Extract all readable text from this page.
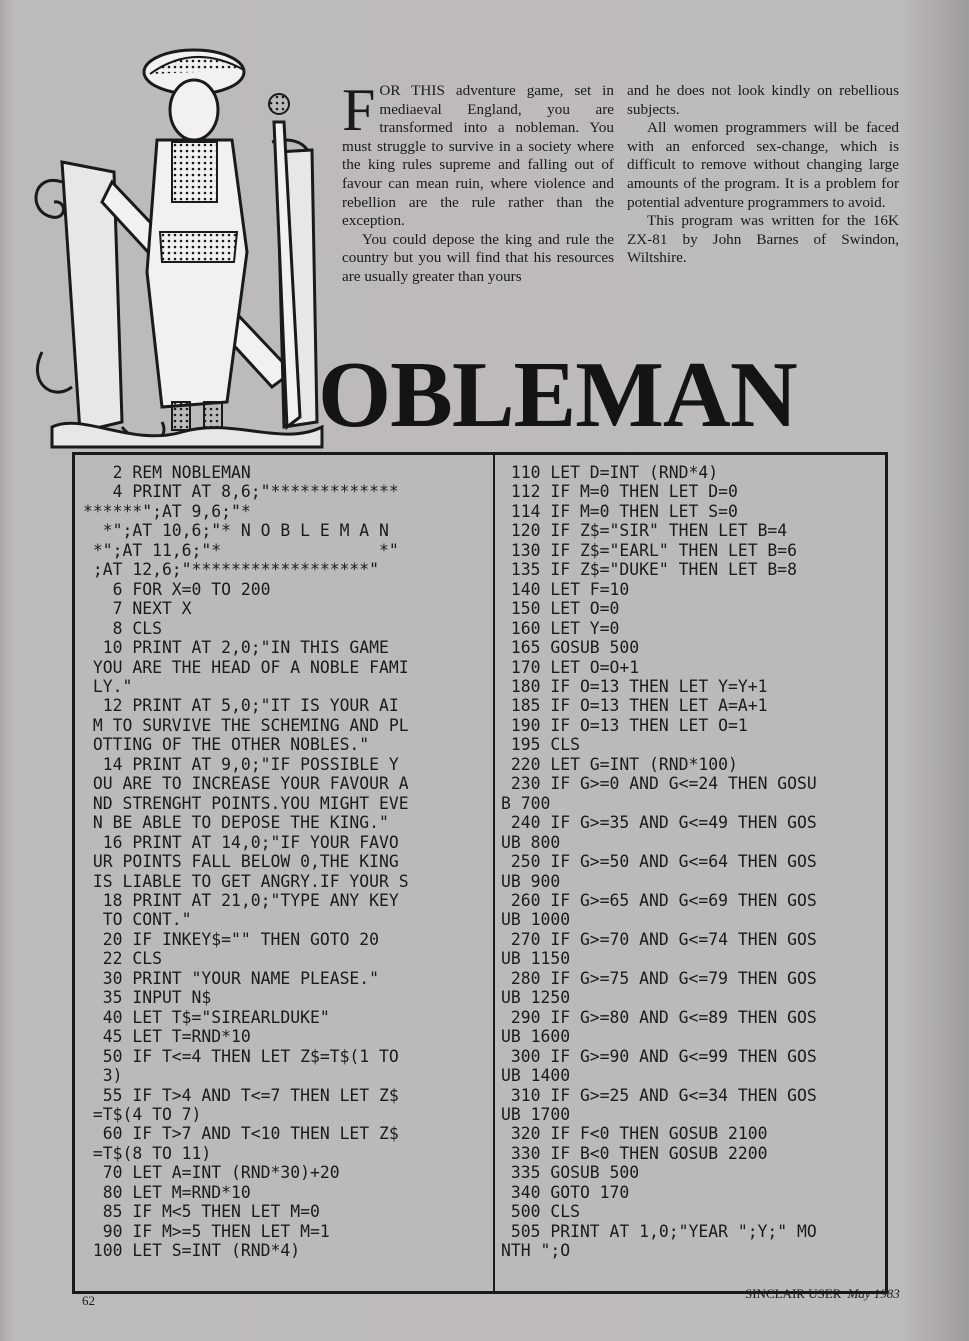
FOR THIS adventure game, set in mediaeval England, you are transformed into a nobleman. You must struggle to survive in a society where the king rules supreme and falling out of favour can mean ruin, where violence and rebellion are the rule rather than the exception.

You could depose the king and rule the country but you will find that his resources are usually greater than yours

and he does not look kindly on rebellious subjects.

All women programmers will be faced with an enforced sex-change, which is difficult to remove without changing large amounts of the program. It is a problem for potential adventure programmers to avoid.

This program was written for the 16K ZX-81 by John Barnes of Swindon, Wiltshire.

OBLEMAN
2 REM NOBLEMAN
4 PRINT AT 8,6;"*************
******";AT 9,6;"*
*";AT 10,6;"* N O B L E M A N
*";AT 11,6;"*                *"
;AT 12,6;"******************"
6 FOR X=0 TO 200
7 NEXT X
8 CLS
10 PRINT AT 2,0;"IN THIS GAME
YOU ARE THE HEAD OF A NOBLE FAMI
LY."
12 PRINT AT 5,0;"IT IS YOUR AI
M TO SURVIVE THE SCHEMING AND PL
OTTING OF THE OTHER NOBLES."
14 PRINT AT 9,0;"IF POSSIBLE Y
OU ARE TO INCREASE YOUR FAVOUR A
ND STRENGHT POINTS.YOU MIGHT EVE
N BE ABLE TO DEPOSE THE KING."
16 PRINT AT 14,0;"IF YOUR FAVO
UR POINTS FALL BELOW 0,THE KING
IS LIABLE TO GET ANGRY.IF YOUR S
18 PRINT AT 21,0;"TYPE ANY KEY
TO CONT."
20 IF INKEY$="" THEN GOTO 20
22 CLS
30 PRINT "YOUR NAME PLEASE."
35 INPUT N$
40 LET T$="SIREARLDUKE"
45 LET T=RND*10
50 IF T<=4 THEN LET Z$=T$(1 TO
3)
55 IF T>4 AND T<=7 THEN LET Z$
=T$(4 TO 7)
60 IF T>7 AND T<10 THEN LET Z$
=T$(8 TO 11)
70 LET A=INT (RND*30)+20
80 LET M=RND*10
85 IF M<5 THEN LET M=0
90 IF M>=5 THEN LET M=1
100 LET S=INT (RND*4)
110 LET D=INT (RND*4)
112 IF M=0 THEN LET D=0
114 IF M=0 THEN LET S=0
120 IF Z$="SIR" THEN LET B=4
130 IF Z$="EARL" THEN LET B=6
135 IF Z$="DUKE" THEN LET B=8
140 LET F=10
150 LET O=0
160 LET Y=0
165 GOSUB 500
170 LET O=O+1
180 IF O=13 THEN LET Y=Y+1
185 IF O=13 THEN LET A=A+1
190 IF O=13 THEN LET O=1
195 CLS
220 LET G=INT (RND*100)
230 IF G>=0 AND G<=24 THEN GOSU
B 700
240 IF G>=35 AND G<=49 THEN GOS
UB 800
250 IF G>=50 AND G<=64 THEN GOS
UB 900
260 IF G>=65 AND G<=69 THEN GOS
UB 1000
270 IF G>=70 AND G<=74 THEN GOS
UB 1150
280 IF G>=75 AND G<=79 THEN GOS
UB 1250
290 IF G>=80 AND G<=89 THEN GOS
UB 1600
300 IF G>=90 AND G<=99 THEN GOS
UB 1400
310 IF G>=25 AND G<=34 THEN GOS
UB 1700
320 IF F<0 THEN GOSUB 2100
330 IF B<0 THEN GOSUB 2200
335 GOSUB 500
340 GOTO 170
500 CLS
505 PRINT AT 1,0;"YEAR ";Y;" MO
NTH ";O
62	SINCLAIR USER May 1983
